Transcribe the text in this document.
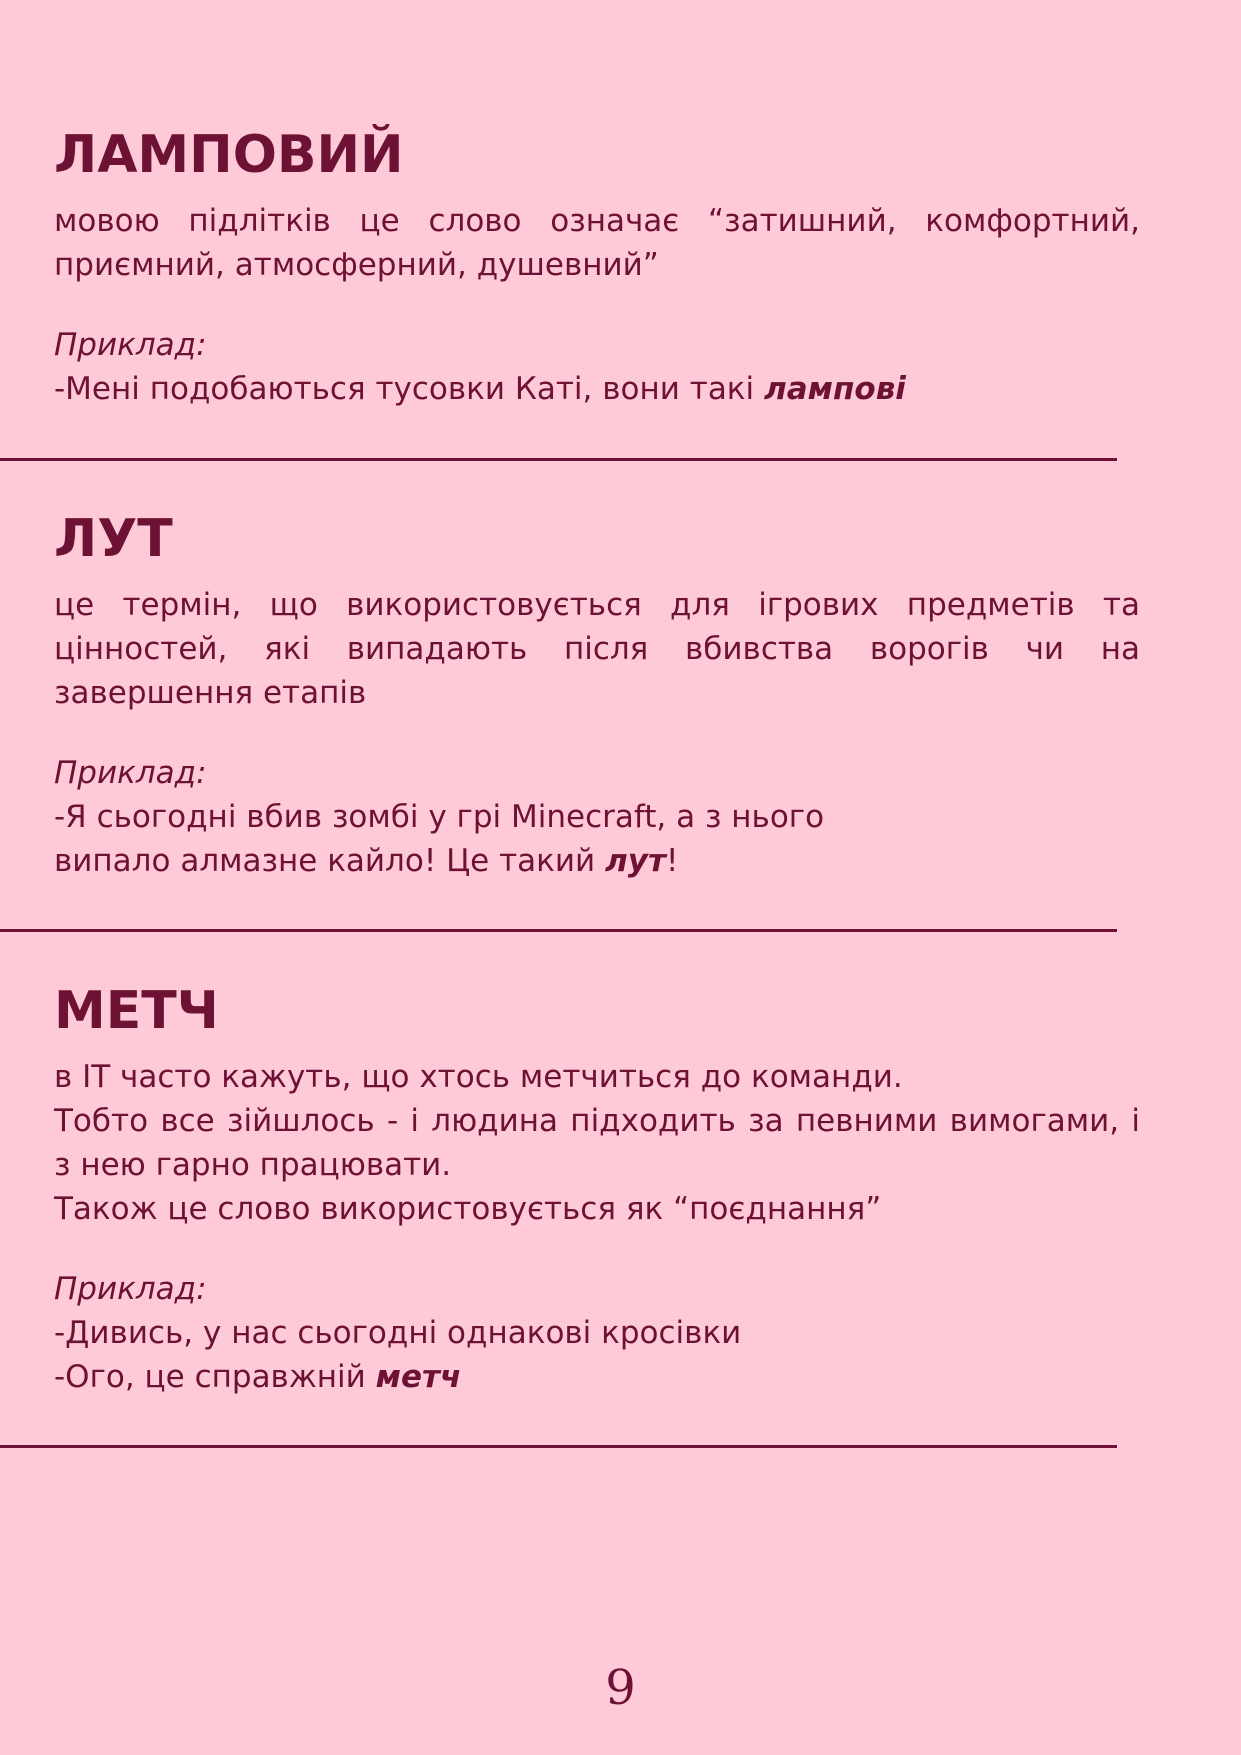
ЛАМПОВИЙ

мовою підлітків це слово означає “затишний, комфортний, приємний, атмосферний, душевний”

Приклад:
-Мені подобаються тусовки Каті, вони такі лампові
ЛУТ

це термін, що використовується для ігрових предметів та цінностей, які випадають після вбивства ворогів чи на завершення етапів

Приклад:
-Я сьогодні вбив зомбі у грі Minecraft, а з нього
випало алмазне кайло! Це такий лут!
МЕТЧ

в IT часто кажуть, що хтось метчиться до команди.
Тобто все зійшлось - і людина підходить за певними вимогами, і з нею гарно працювати.
Також це слово використовується як “поєднання”

Приклад:
-Дивись, у нас сьогодні однакові кросівки
-Ого, це справжній метч
9
